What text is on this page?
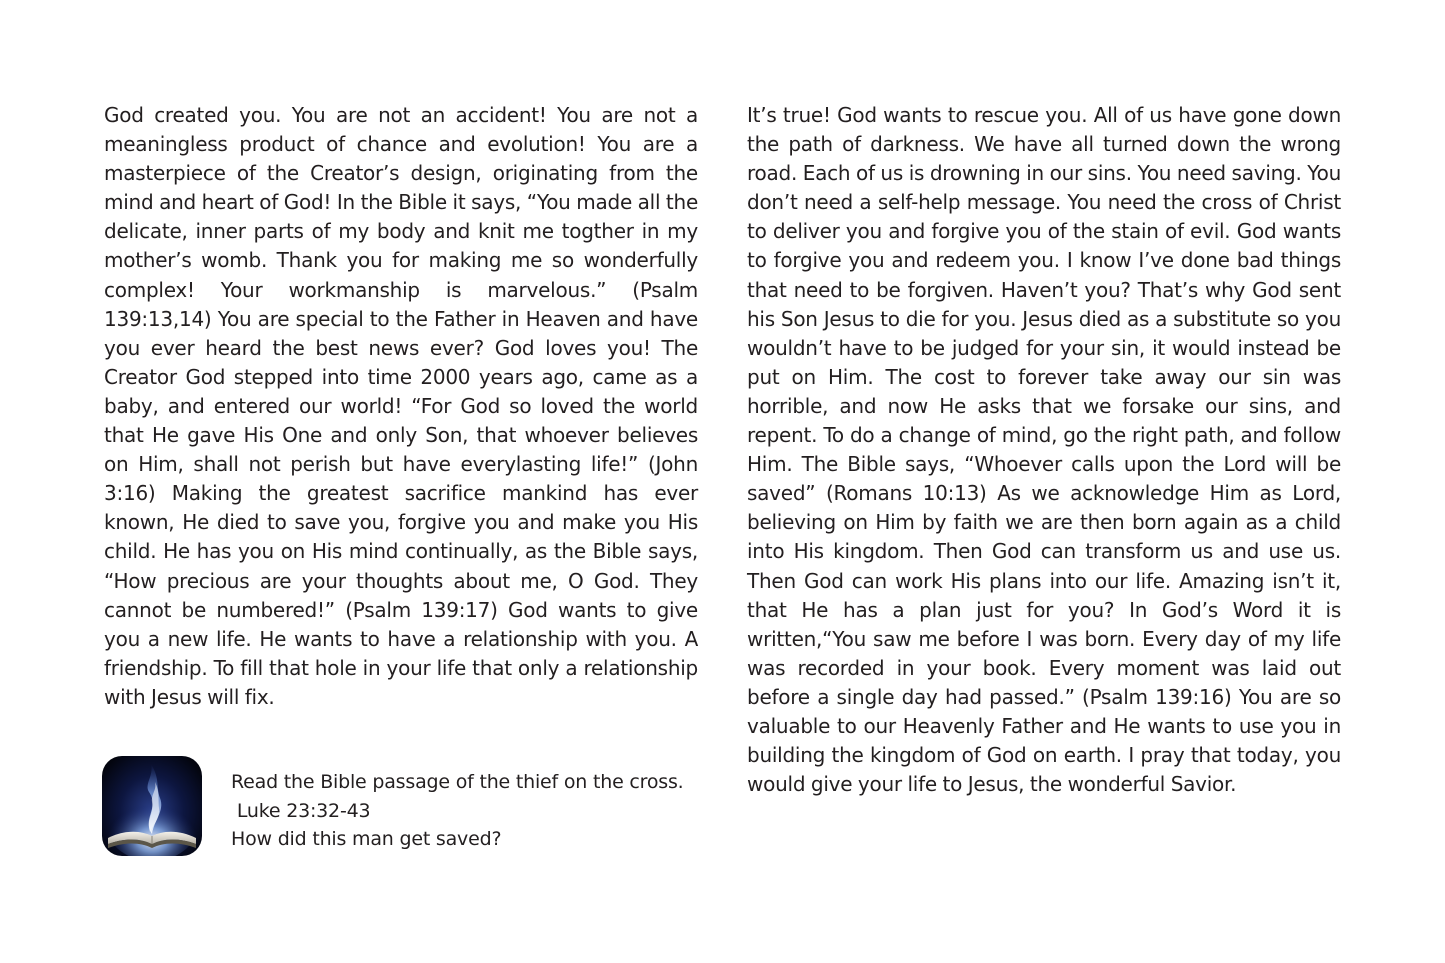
God created you. You are not an accident! You are not a meaningless product of chance and evolution! You are a masterpiece of the Creator’s design, originating from the mind and heart of God! In the Bible it says, “You made all the delicate, inner parts of my body and knit me togther in my mother’s womb. Thank you for making me so wonderfully complex! Your workmanship is marvelous.” (Psalm 139:13,14) You are special to the Father in Heaven and have you ever heard the best news ever? God loves you! The Creator God stepped into time 2000 years ago, came as a baby, and entered our world! “For God so loved the world that He gave His One and only Son, that whoever believes on Him, shall not perish but have everylasting life!” (John 3:16) Making the greatest sacrifice mankind has ever known, He died to save you, forgive you and make you His child. He has you on His mind continually, as the Bible says, “How precious are your thoughts about me, O God. They cannot be numbered!” (Psalm 139:17) God wants to give you a new life. He wants to have a relationship with you. A friendship. To fill that hole in your life that only a relationship with Jesus will fix.
It’s true! God wants to rescue you. All of us have gone down the path of darkness. We have all turned down the wrong road. Each of us is drowning in our sins. You need saving. You don’t need a self-help message. You need the cross of Christ to deliver you and forgive you of the stain of evil. God wants to forgive you and redeem you. I know I’ve done bad things that need to be forgiven. Haven’t you? That’s why God sent his Son Jesus to die for you. Jesus died as a substitute so you wouldn’t have to be judged for your sin, it would instead be put on Him. The cost to forever take away our sin was horrible, and now He asks that we forsake our sins, and repent. To do a change of mind, go the right path, and follow Him. The Bible says, “Whoever calls upon the Lord will be saved” (Romans 10:13) As we acknowledge Him as Lord, believing on Him by faith we are then born again as a child into His kingdom. Then God can transform us and use us. Then God can work His plans into our life. Amazing isn’t it, that He has a plan just for you? In God’s Word it is written,“You saw me before I was born. Every day of my life was recorded in your book. Every moment was laid out before a single day had passed.” (Psalm 139:16) You are so valuable to our Heavenly Father and He wants to use you in building the kingdom of God on earth. I pray that today, you would give your life to Jesus, the wonderful Savior.
Read the Bible passage of the thief on the cross.
Luke 23:32-43
How did this man get saved?
